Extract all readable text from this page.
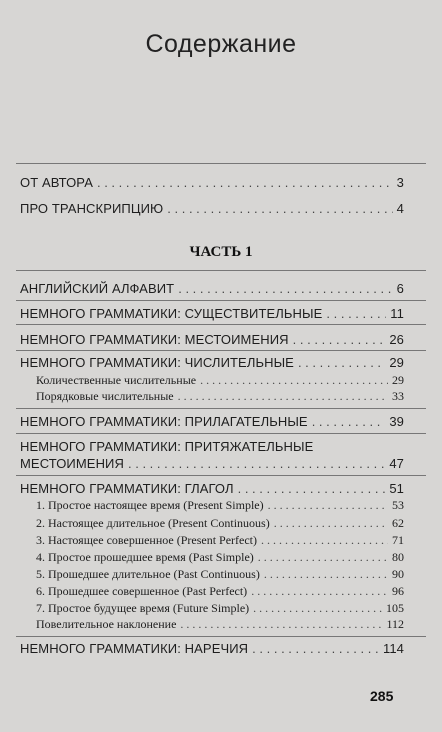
Содержание
ОТ АВТОРА . . .	3
ПРО ТРАНСКРИПЦИЮ . . .	4
ЧАСТЬ 1
АНГЛИЙСКИЙ АЛФАВИТ . . .	6
НЕМНОГО ГРАММАТИКИ: СУЩЕСТВИТЕЛЬНЫЕ . . .	11
НЕМНОГО ГРАММАТИКИ: МЕСТОИМЕНИЯ . . .	26
НЕМНОГО ГРАММАТИКИ: ЧИСЛИТЕЛЬНЫЕ . . .	29
Количественные числительные . . .	29
Порядковые числительные . . .	33
НЕМНОГО ГРАММАТИКИ: ПРИЛАГАТЕЛЬНЫЕ . . .	39
НЕМНОГО ГРАММАТИКИ: ПРИТЯЖАТЕЛЬНЫЕ
МЕСТОИМЕНИЯ . . .	47
НЕМНОГО ГРАММАТИКИ: ГЛАГОЛ . . .	51
1. Простое настоящее время (Present Simple) . . .	53
2. Настоящее длительное (Present Continuous) . . .	62
3. Настоящее совершенное (Present Perfect) . . .	71
4. Простое прошедшее время (Past Simple) . . .	80
5. Прошедшее длительное (Past Continuous) . . .	90
6. Прошедшее совершенное (Past Perfect) . . .	96
7. Простое будущее время (Future Simple) . . .	105
Повелительное наклонение . . .	112
НЕМНОГО ГРАММАТИКИ: НАРЕЧИЯ . . .	114
285
